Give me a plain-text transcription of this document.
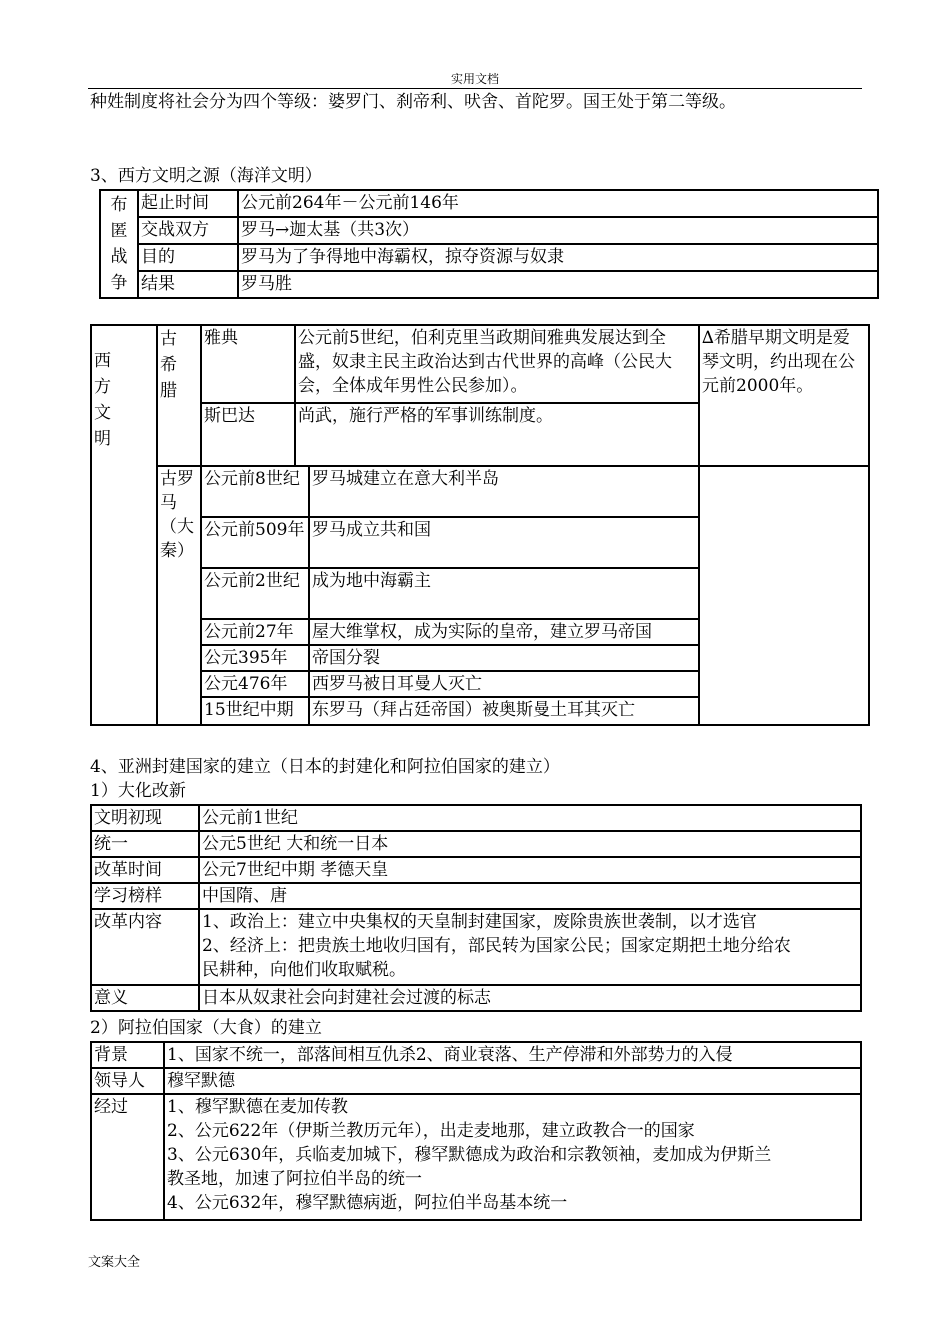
实用文档
种姓制度将社会分为四个等级：婆罗门、刹帝利、吠舍、首陀罗。国王处于第二等级。
3、西方文明之源（海洋文明）
布匿战争	起止时间	公元前264年－公元前146年
	交战双方	罗马→迦太基（共3次）
	目的	罗马为了争得地中海霸权，掠夺资源与奴隶
	结果	罗马胜
西方文明	古希腊	雅典	公元前5世纪，伯利克里当政期间雅典发展达到全盛，奴隶主民主政治达到古代世界的高峰（公民大会，全体成年男性公民参加）。		∆希腊早期文明是爱琴文明，约出现在公元前2000年。
		斯巴达	尚武，施行严格的军事训练制度。		

	古罗马（大秦）	公元前8世纪		罗马城建立在意大利半岛	
		公元前509年		罗马成立共和国	
		公元前2世纪		成为地中海霸主	
		公元前27年		屋大维掌权，成为实际的皇帝，建立罗马帝国	
		公元395年		帝国分裂	
		公元476年		西罗马被日耳曼人灭亡	
		15世纪中期		东罗马（拜占廷帝国）被奥斯曼土耳其灭亡	
4、亚洲封建国家的建立（日本的封建化和阿拉伯国家的建立）
1）大化改新
文明初现	公元前1世纪
统一	公元5世纪 大和统一日本
改革时间	公元7世纪中期 孝德天皇
学习榜样	中国隋、唐
改革内容	1、政治上：建立中央集权的天皇制封建国家，废除贵族世袭制，以才选官
2、经济上：把贵族土地收归国有，部民转为国家公民；国家定期把土地分给农
民耕种，向他们收取赋税。

意义	日本从奴隶社会向封建社会过渡的标志
2）阿拉伯国家（大食）的建立
背景	1、国家不统一，部落间相互仇杀2、商业衰落、生产停滞和外部势力的入侵
领导人	穆罕默德
经过	1、穆罕默德在麦加传教
2、公元622年（伊斯兰教历元年），出走麦地那，建立政教合一的国家
3、公元630年，兵临麦加城下，穆罕默德成为政治和宗教领袖，麦加成为伊斯兰
教圣地，加速了阿拉伯半岛的统一
4、公元632年，穆罕默德病逝，阿拉伯半岛基本统一
文案大全
